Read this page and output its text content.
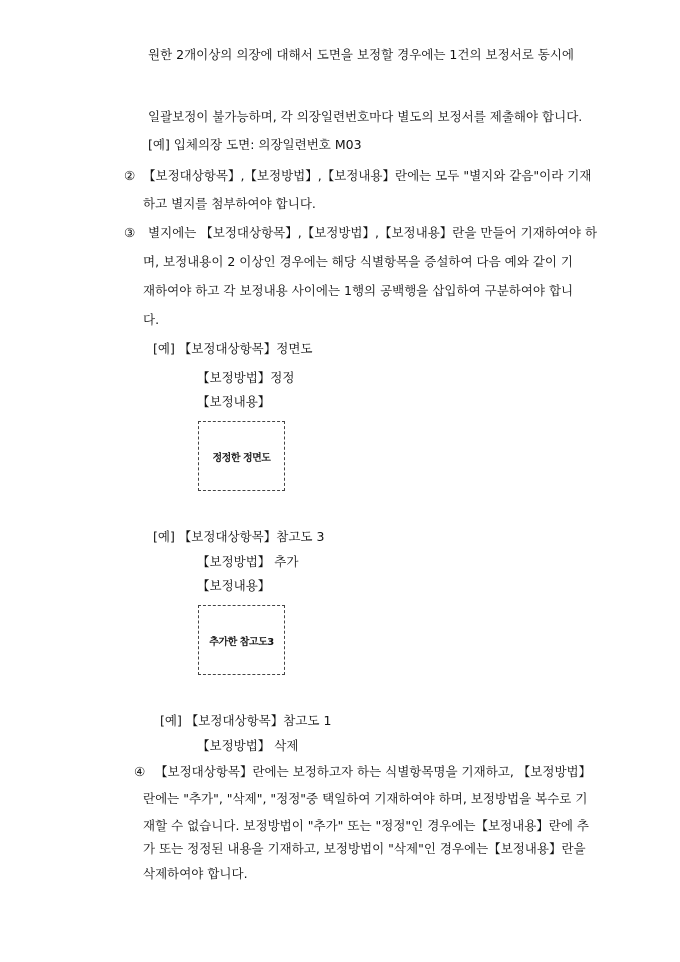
원한 2개이상의 의장에 대해서 도면을 보정할 경우에는 1건의 보정서로 동시에
일괄보정이 불가능하며, 각 의장일련번호마다 별도의 보정서를 제출해야 합니다.
[예] 입체의장 도면: 의장일련번호 M03
② 【보정대상항목】,【보정방법】,【보정내용】란에는 모두 "별지와 같음"이라 기재
하고 별지를 첨부하여야 합니다.
③ 별지에는 【보정대상항목】,【보정방법】,【보정내용】란을 만들어 기재하여야 하
며, 보정내용이 2 이상인 경우에는 해당 식별항목을 증설하여 다음 예와 같이 기
재하여야 하고 각 보정내용 사이에는 1행의 공백행을 삽입하여 구분하여야 합니
다.
[예] 【보정대상항목】정면도
【보정방법】정정
【보정내용】
정정한 정면도
[예] 【보정대상항목】참고도 3
【보정방법】 추가
【보정내용】
추가한 참고도3
[예] 【보정대상항목】참고도 1
【보정방법】 삭제
④ 【보정대상항목】란에는 보정하고자 하는 식별항목명을 기재하고, 【보정방법】
란에는 "추가", "삭제", "정정"중 택일하여 기재하여야 하며, 보정방법을 복수로 기
재할 수 없습니다. 보정방법이 "추가" 또는 "정정"인 경우에는【보정내용】란에 추
가 또는 정정된 내용을 기재하고, 보정방법이 "삭제"인 경우에는【보정내용】란을
삭제하여야 합니다.
